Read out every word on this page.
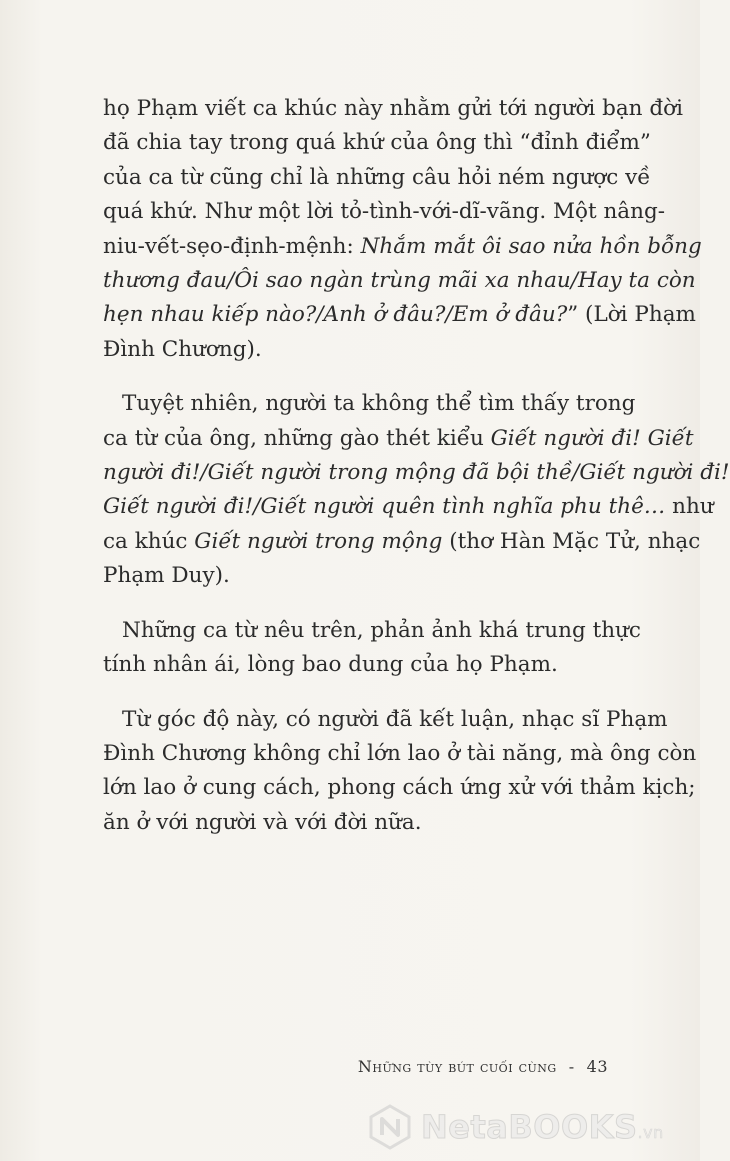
họ Phạm viết ca khúc này nhằm gửi tới người bạn đời
đã chia tay trong quá khứ của ông thì “đỉnh điểm”
của ca từ cũng chỉ là những câu hỏi ném ngược về
quá khứ. Như một lời tỏ-tình-với-dĩ-vãng. Một nâng-
niu-vết-sẹo-định-mệnh: Nhắm mắt ôi sao nửa hồn bỗng
thương đau/Ôi sao ngàn trùng mãi xa nhau/Hay ta còn
hẹn nhau kiếp nào?/Anh ở đâu?/Em ở đâu?” (Lời Phạm
Đình Chương).
Tuyệt nhiên, người ta không thể tìm thấy trong
ca từ của ông, những gào thét kiểu Giết người đi! Giết
người đi!/Giết người trong mộng đã bội thề/Giết người đi!
Giết người đi!/Giết người quên tình nghĩa phu thê… như
ca khúc Giết người trong mộng (thơ Hàn Mặc Tử, nhạc
Phạm Duy).
Những ca từ nêu trên, phản ảnh khá trung thực
tính nhân ái, lòng bao dung của họ Phạm.
Từ góc độ này, có người đã kết luận, nhạc sĩ Phạm
Đình Chương không chỉ lớn lao ở tài năng, mà ông còn
lớn lao ở cung cách, phong cách ứng xử với thảm kịch;
ăn ở với người và với đời nữa.
Những tùy bút cuối cùng - 43
NetaBOOKS.vn
